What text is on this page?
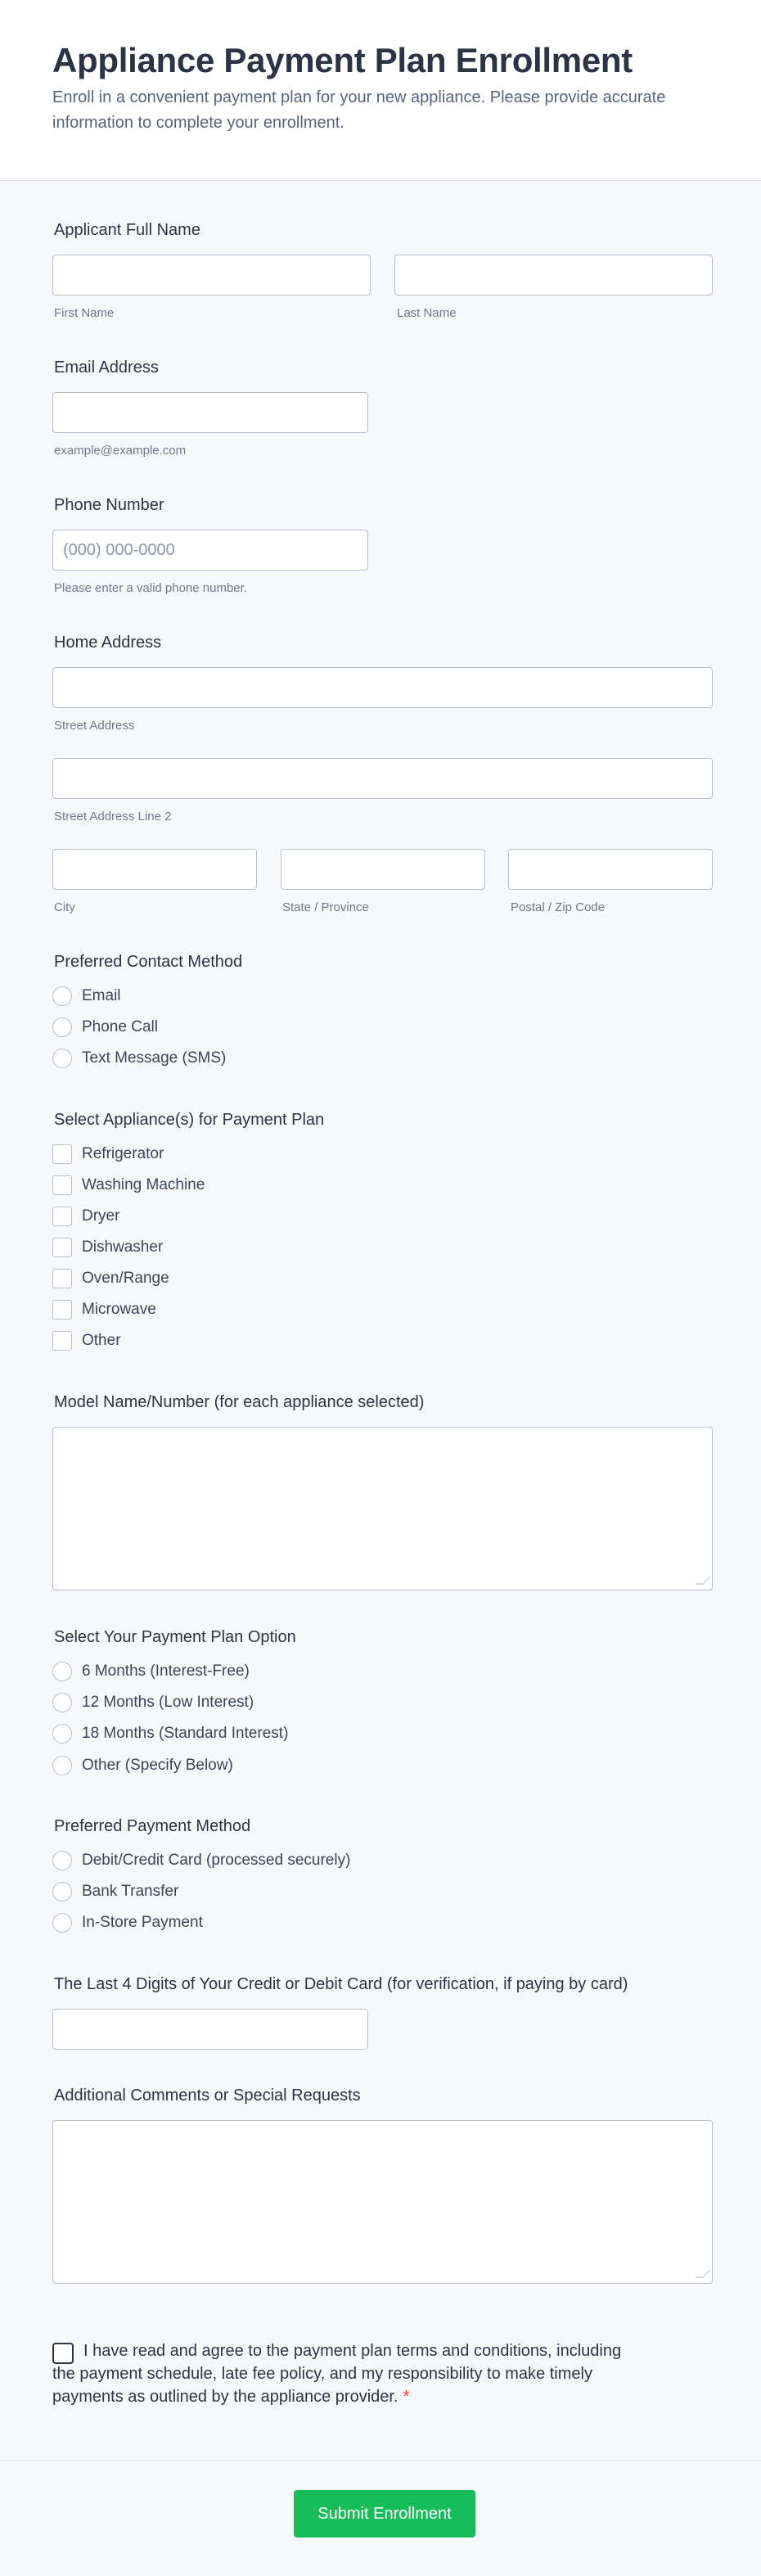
Appliance Payment Plan Enrollment

Enroll in a convenient payment plan for your new appliance. Please provide accurate information to complete your enrollment.

Applicant Full Name
First Name	Last Name
Email Address
example@example.com
Phone Number
(000) 000-0000
Please enter a valid phone number.
Home Address
Street Address
Street Address Line 2
City	State / Province	Postal / Zip Code
Preferred Contact Method
Email
Phone Call
Text Message (SMS)
Select Appliance(s) for Payment Plan
Refrigerator
Washing Machine
Dryer
Dishwasher
Oven/Range
Microwave
Other
Model Name/Number (for each appliance selected)
Select Your Payment Plan Option
6 Months (Interest-Free)
12 Months (Low Interest)
18 Months (Standard Interest)
Other (Specify Below)
Preferred Payment Method
Debit/Credit Card (processed securely)
Bank Transfer
In-Store Payment
The Last 4 Digits of Your Credit or Debit Card (for verification, if paying by card)
Additional Comments or Special Requests

I have read and agree to the payment plan terms and conditions, including the payment schedule, late fee policy, and my responsibility to make timely payments as outlined by the appliance provider. *

Submit Enrollment
